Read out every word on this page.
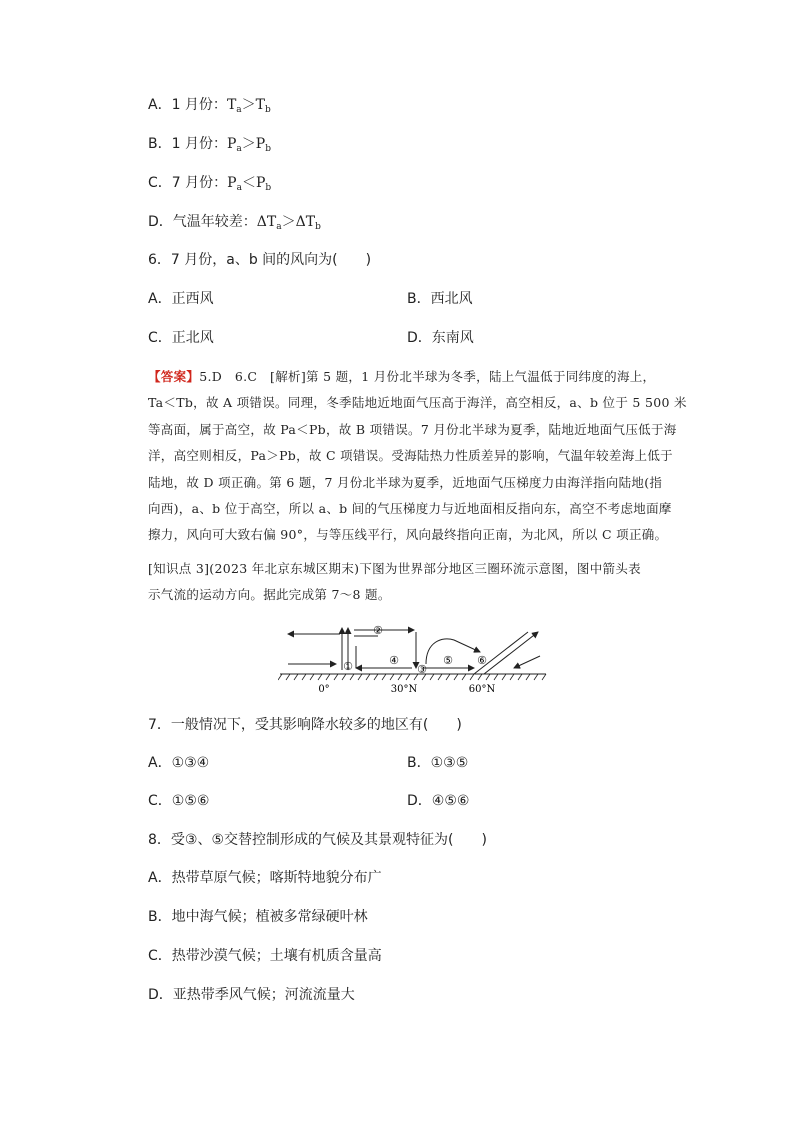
A．1 月份：$T_a>T_b$
B．1 月份：$P_a>P_b$
C．7 月份：$P_a<P_b$
D．气温年较差：$\Delta T_a>\Delta T_b$
6．7 月份，a、b 间的风向为(　　)
A．正西风	B．西北风
C．正北风	D．东南风
【答案】5.D　6.C　[解析]第 5 题，1 月份北半球为冬季，陆上气温低于同纬度的海上，
Ta＜Tb，故 A 项错误。同理，冬季陆地近地面气压高于海洋，高空相反，a、b 位于 5 500 米
等高面，属于高空，故 Pa＜Pb，故 B 项错误。7 月份北半球为夏季，陆地近地面气压低于海
洋，高空则相反，Pa＞Pb，故 C 项错误。受海陆热力性质差异的影响，气温年较差海上低于
陆地，故 D 项正确。第 6 题，7 月份北半球为夏季，近地面气压梯度力由海洋指向陆地(指
向西)，a、b 位于高空，所以 a、b 间的气压梯度力与近地面相反指向东，高空不考虑地面摩
擦力，风向可大致右偏 90°，与等压线平行，风向最终指向正南，为北风，所以 C 项正确。
[知识点 3](2023 年北京东城区期末)下图为世界部分地区三圈环流示意图，图中箭头表
示气流的运动方向。据此完成第 7～8 题。
①
②
③
④	⑤ ⑥
0°	30°N	60°N
7．一般情况下，受其影响降水较多的地区有(　　)
A．①③④	B．①③⑤
C．①⑤⑥	D．④⑤⑥
8．受③、⑤交替控制形成的气候及其景观特征为(　　)
A．热带草原气候；喀斯特地貌分布广
B．地中海气候；植被多常绿硬叶林
C．热带沙漠气候；土壤有机质含量高
D．亚热带季风气候；河流流量大
